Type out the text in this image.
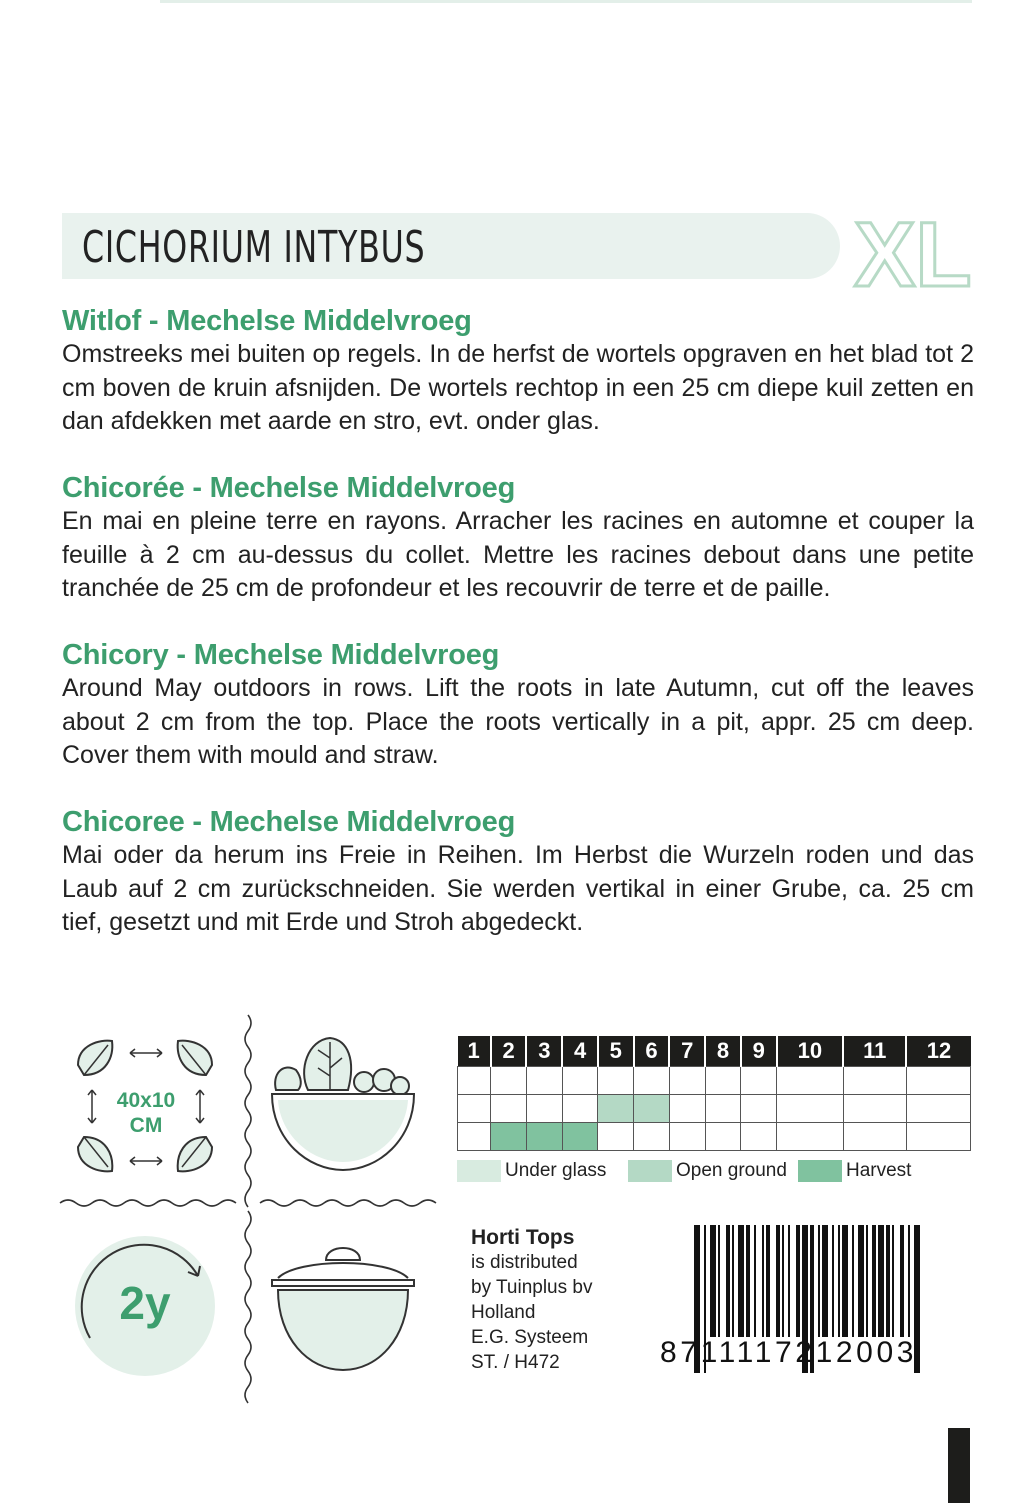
CICHORIUM INTYBUS	XL
Witlof - Mechelse Middelvroeg
Omstreeks mei buiten op regels. In de herfst de wortels opgraven en het blad tot 2 cm boven de kruin afsnijden. De wortels rechtop in een 25 cm diepe kuil zetten en dan afdekken met aarde en stro, evt. onder glas.
Chicorée - Mechelse Middelvroeg
En mai en pleine terre en rayons. Arracher les racines en automne et couper la feuille à 2 cm au-dessus du collet. Mettre les racines debout dans une petite tranchée de 25 cm de profondeur et les recouvrir de terre et de paille.
Chicory - Mechelse Middelvroeg
Around May outdoors in rows. Lift the roots in late Autumn, cut off the leaves about 2 cm from the top. Place the roots vertically in a pit, appr. 25 cm deep. Cover them with mould and straw.
Chicoree - Mechelse Middelvroeg
Mai oder da herum ins Freie in Reihen. Im Herbst die Wurzeln roden und das Laub auf 2 cm zurückschneiden. Sie werden vertikal in einer Grube, ca. 25 cm tief, gesetzt und mit Erde und Stroh abgedeckt.
40x10
CM
2y
1	2	3	4	5	6	7	8	9	10	11	12

Under glass	Open ground	Harvest
Horti Tops
is distributed
by Tuinplus bv
Holland
E.G. Systeem
ST. / H472	8711117212003
